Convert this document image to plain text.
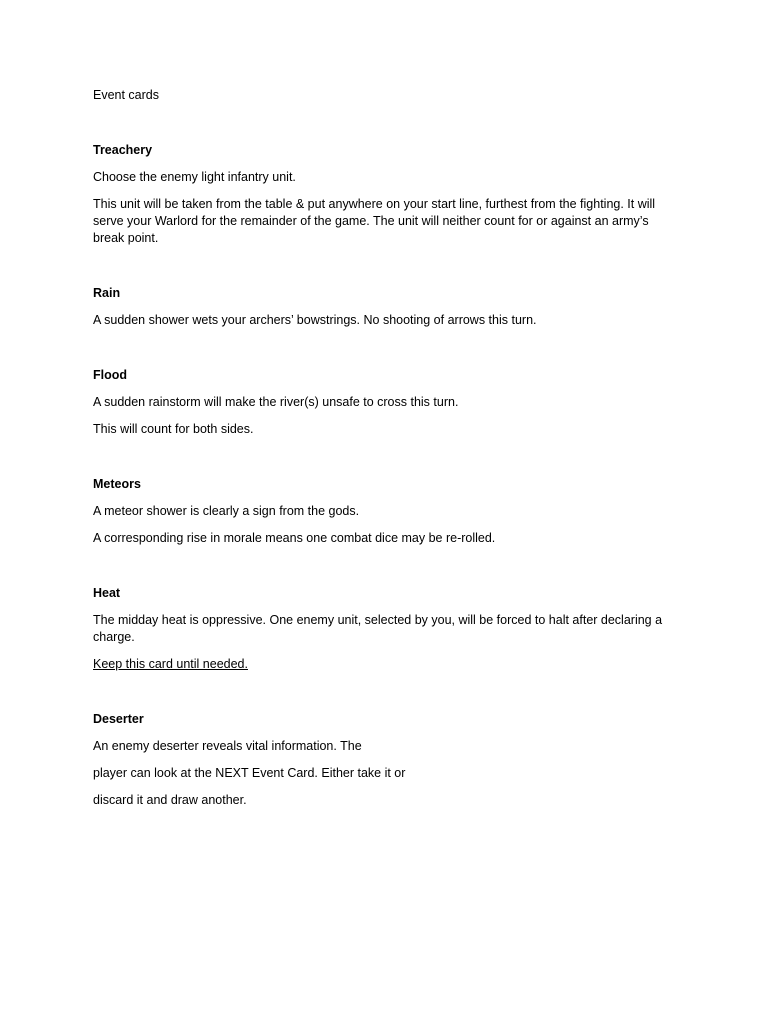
Event cards

Treachery

Choose the enemy light infantry unit.

This unit will be taken from the table & put anywhere on your start line, furthest from the fighting. It will serve your Warlord for the remainder of the game. The unit will neither count for or against an army’s break point.

Rain

A sudden shower wets your archers’ bowstrings. No shooting of arrows this turn.

Flood

A sudden rainstorm will make the river(s) unsafe to cross this turn.

This will count for both sides.

Meteors

A meteor shower is clearly a sign from the gods.

A corresponding rise in morale means one combat dice may be re-rolled.

Heat

The midday heat is oppressive. One enemy unit, selected by you, will be forced to halt after declaring a charge.

Keep this card until needed.

Deserter

An enemy deserter reveals vital information. The

player can look at the NEXT Event Card. Either take it or

discard it and draw another.
